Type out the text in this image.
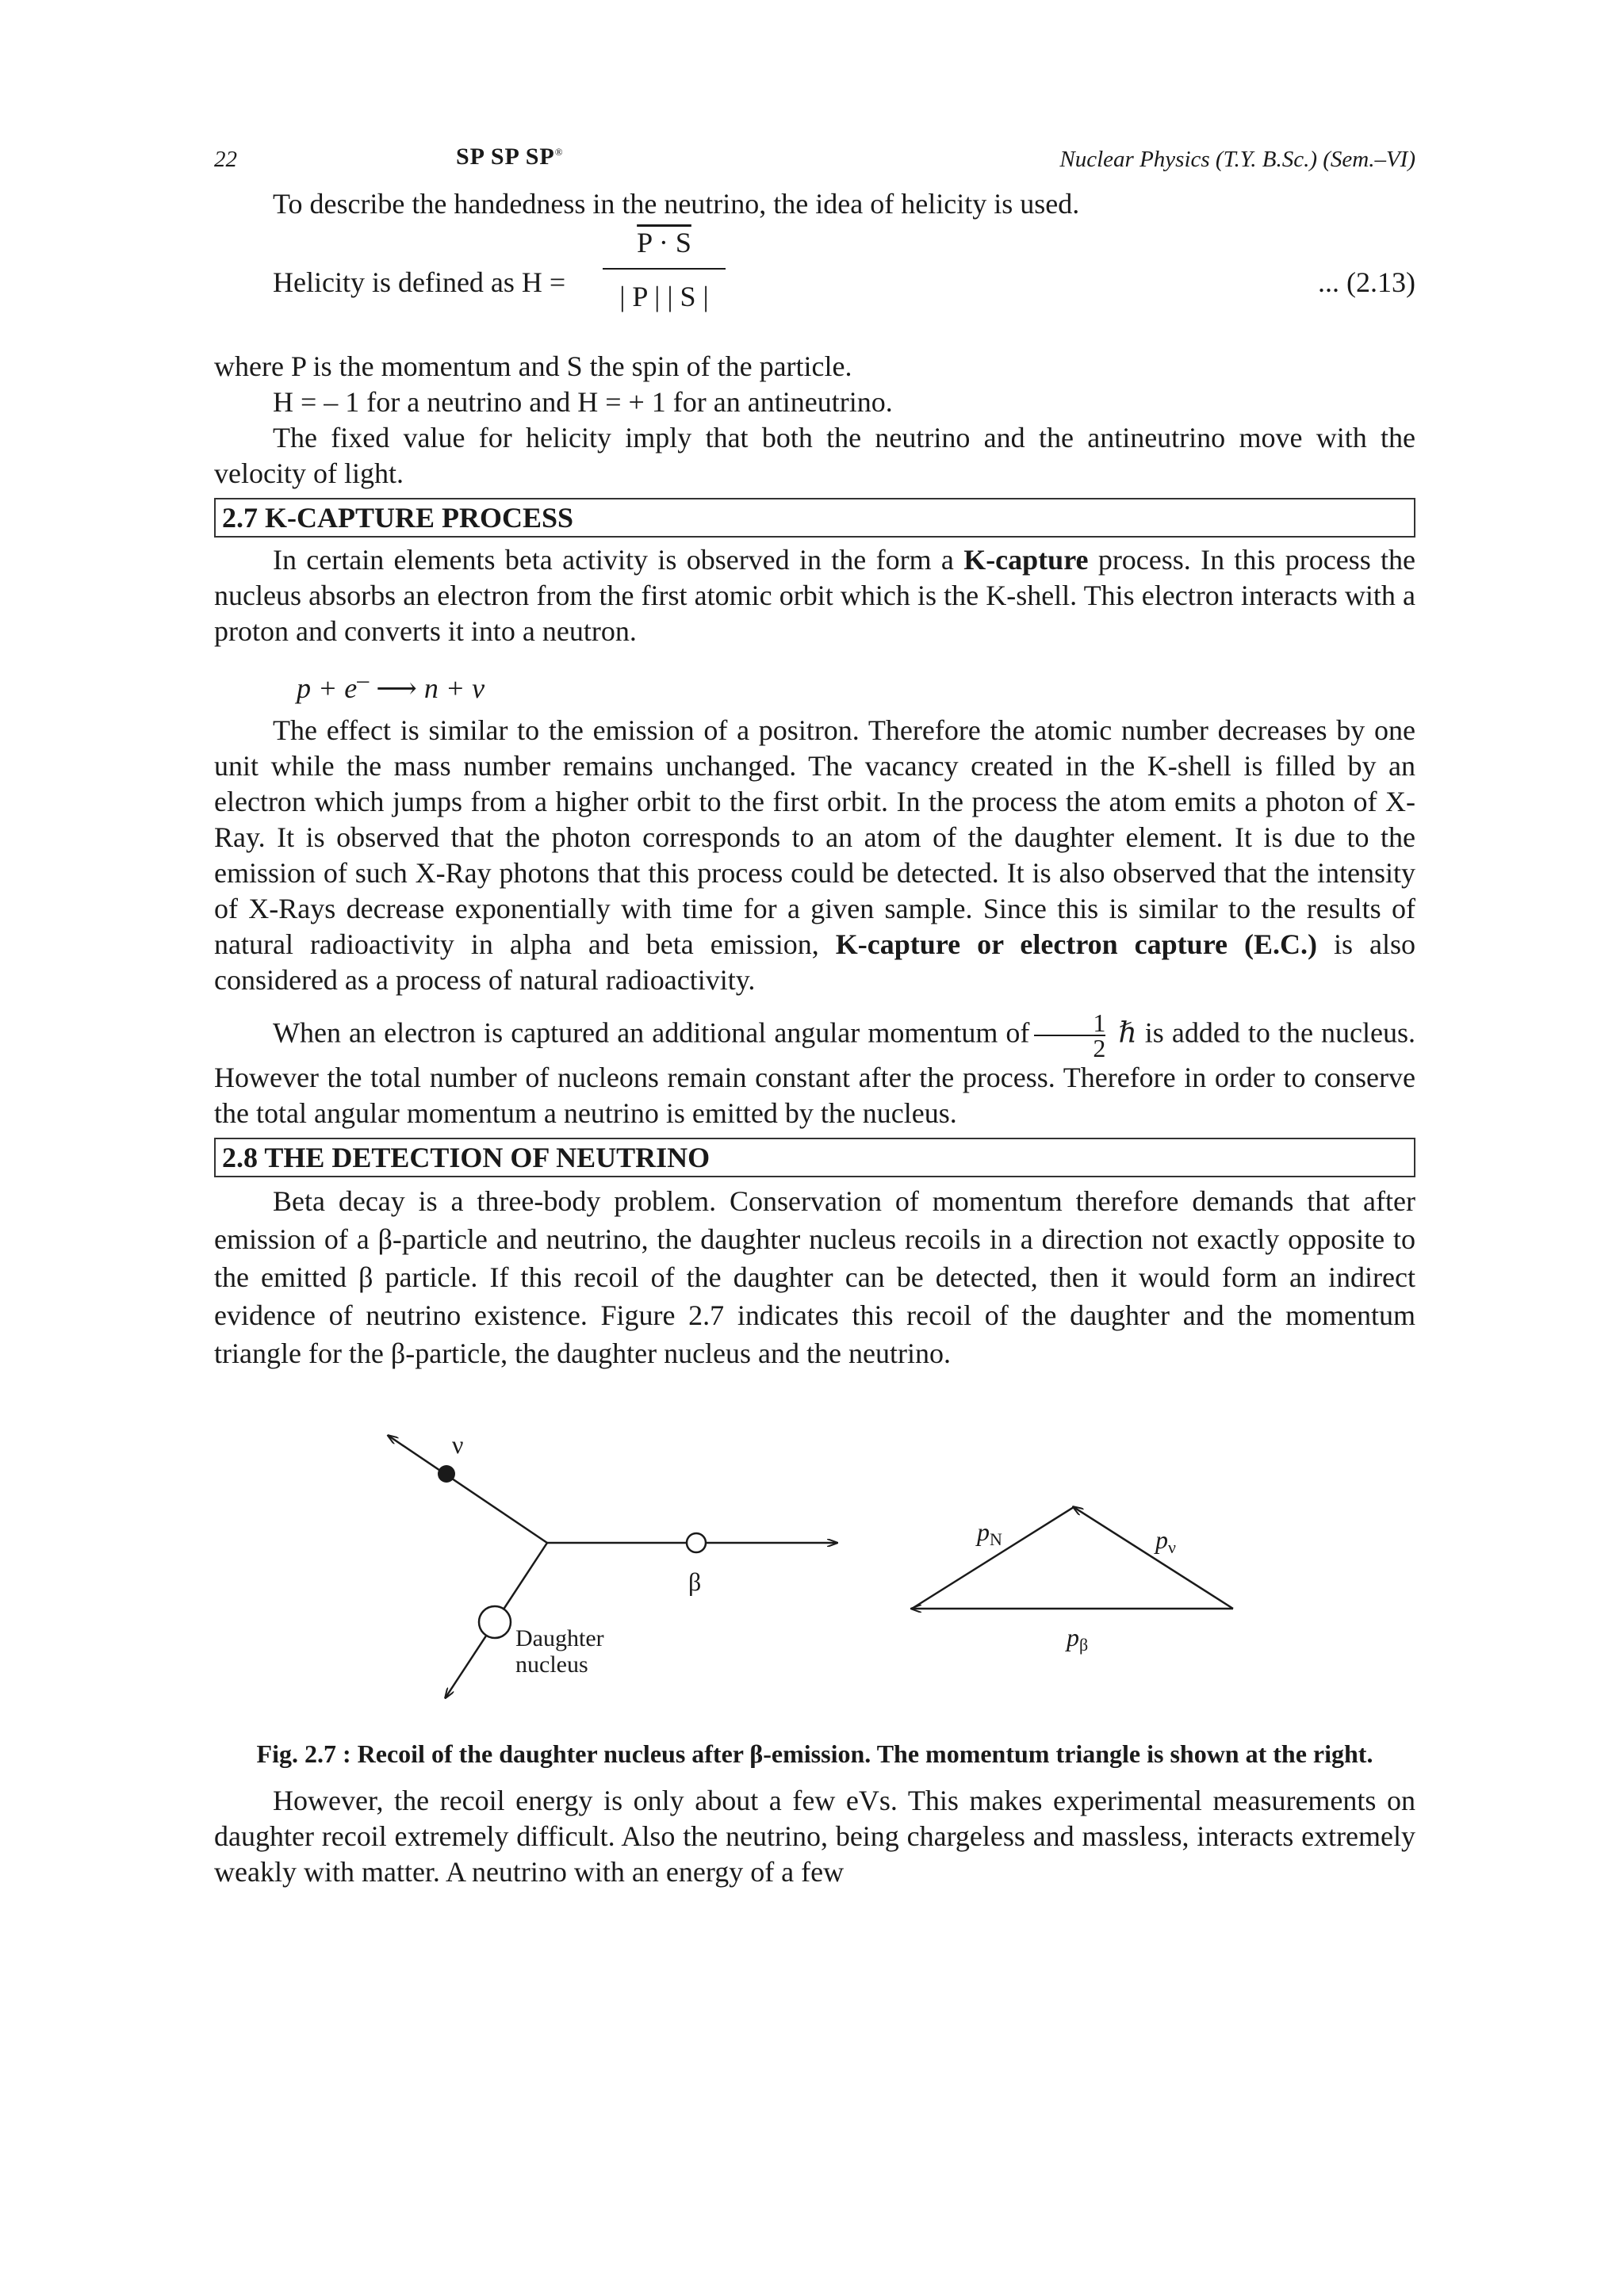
22	SP SP SP®	Nuclear Physics (T.Y. B.Sc.) (Sem.–VI)

To describe the handedness in the neutrino, the idea of helicity is used.

Helicity is defined as H =
P · S
| P | | S |	... (2.13)

where P is the momentum and S the spin of the particle.

H = – 1 for a neutrino and H = + 1 for an antineutrino.

The fixed value for helicity imply that both the neutrino and the antineutrino move with the velocity of light.

2.7 K-CAPTURE PROCESS

In certain elements beta activity is observed in the form a K-capture process. In this process the nucleus absorbs an electron from the first atomic orbit which is the K-shell. This electron interacts with a proton and converts it into a neutron.

p + e– ⟶ n + ν

The effect is similar to the emission of a positron. Therefore the atomic number decreases by one unit while the mass number remains unchanged. The vacancy created in the K-shell is filled by an electron which jumps from a higher orbit to the first orbit. In the process the atom emits a photon of X-Ray. It is observed that the photon corresponds to an atom of the daughter element. It is due to the emission of such X-Ray photons that this process could be detected. It is also observed that the intensity of X-Rays decrease exponentially with time for a given sample. Since this is similar to the results of natural radioactivity in alpha and beta emission, K-capture or electron capture (E.C.) is also considered as a process of natural radioactivity.

When an electron is captured an additional angular momentum of $\frac{1}{2}$ ℏ is added to the nucleus. However the total number of nucleons remain constant after the process. Therefore in order to conserve the total angular momentum a neutrino is emitted by the nucleus.

2.8 THE DETECTION OF NEUTRINO

Beta decay is a three-body problem. Conservation of momentum therefore demands that after emission of a β-particle and neutrino, the daughter nucleus recoils in a direction not exactly opposite to the emitted β particle. If this recoil of the daughter can be detected, then it would form an indirect evidence of neutrino existence. Figure 2.7 indicates this recoil of the daughter and the momentum triangle for the β-particle, the daughter nucleus and the neutrino.

ν
β
Daughter
nucleus
pN	pν
pβ
Fig. 2.7 : Recoil of the daughter nucleus after β-emission. The momentum triangle is shown at the right.

However, the recoil energy is only about a few eVs. This makes experimental measurements on daughter recoil extremely difficult. Also the neutrino, being chargeless and massless, interacts extremely weakly with matter. A neutrino with an energy of a few
